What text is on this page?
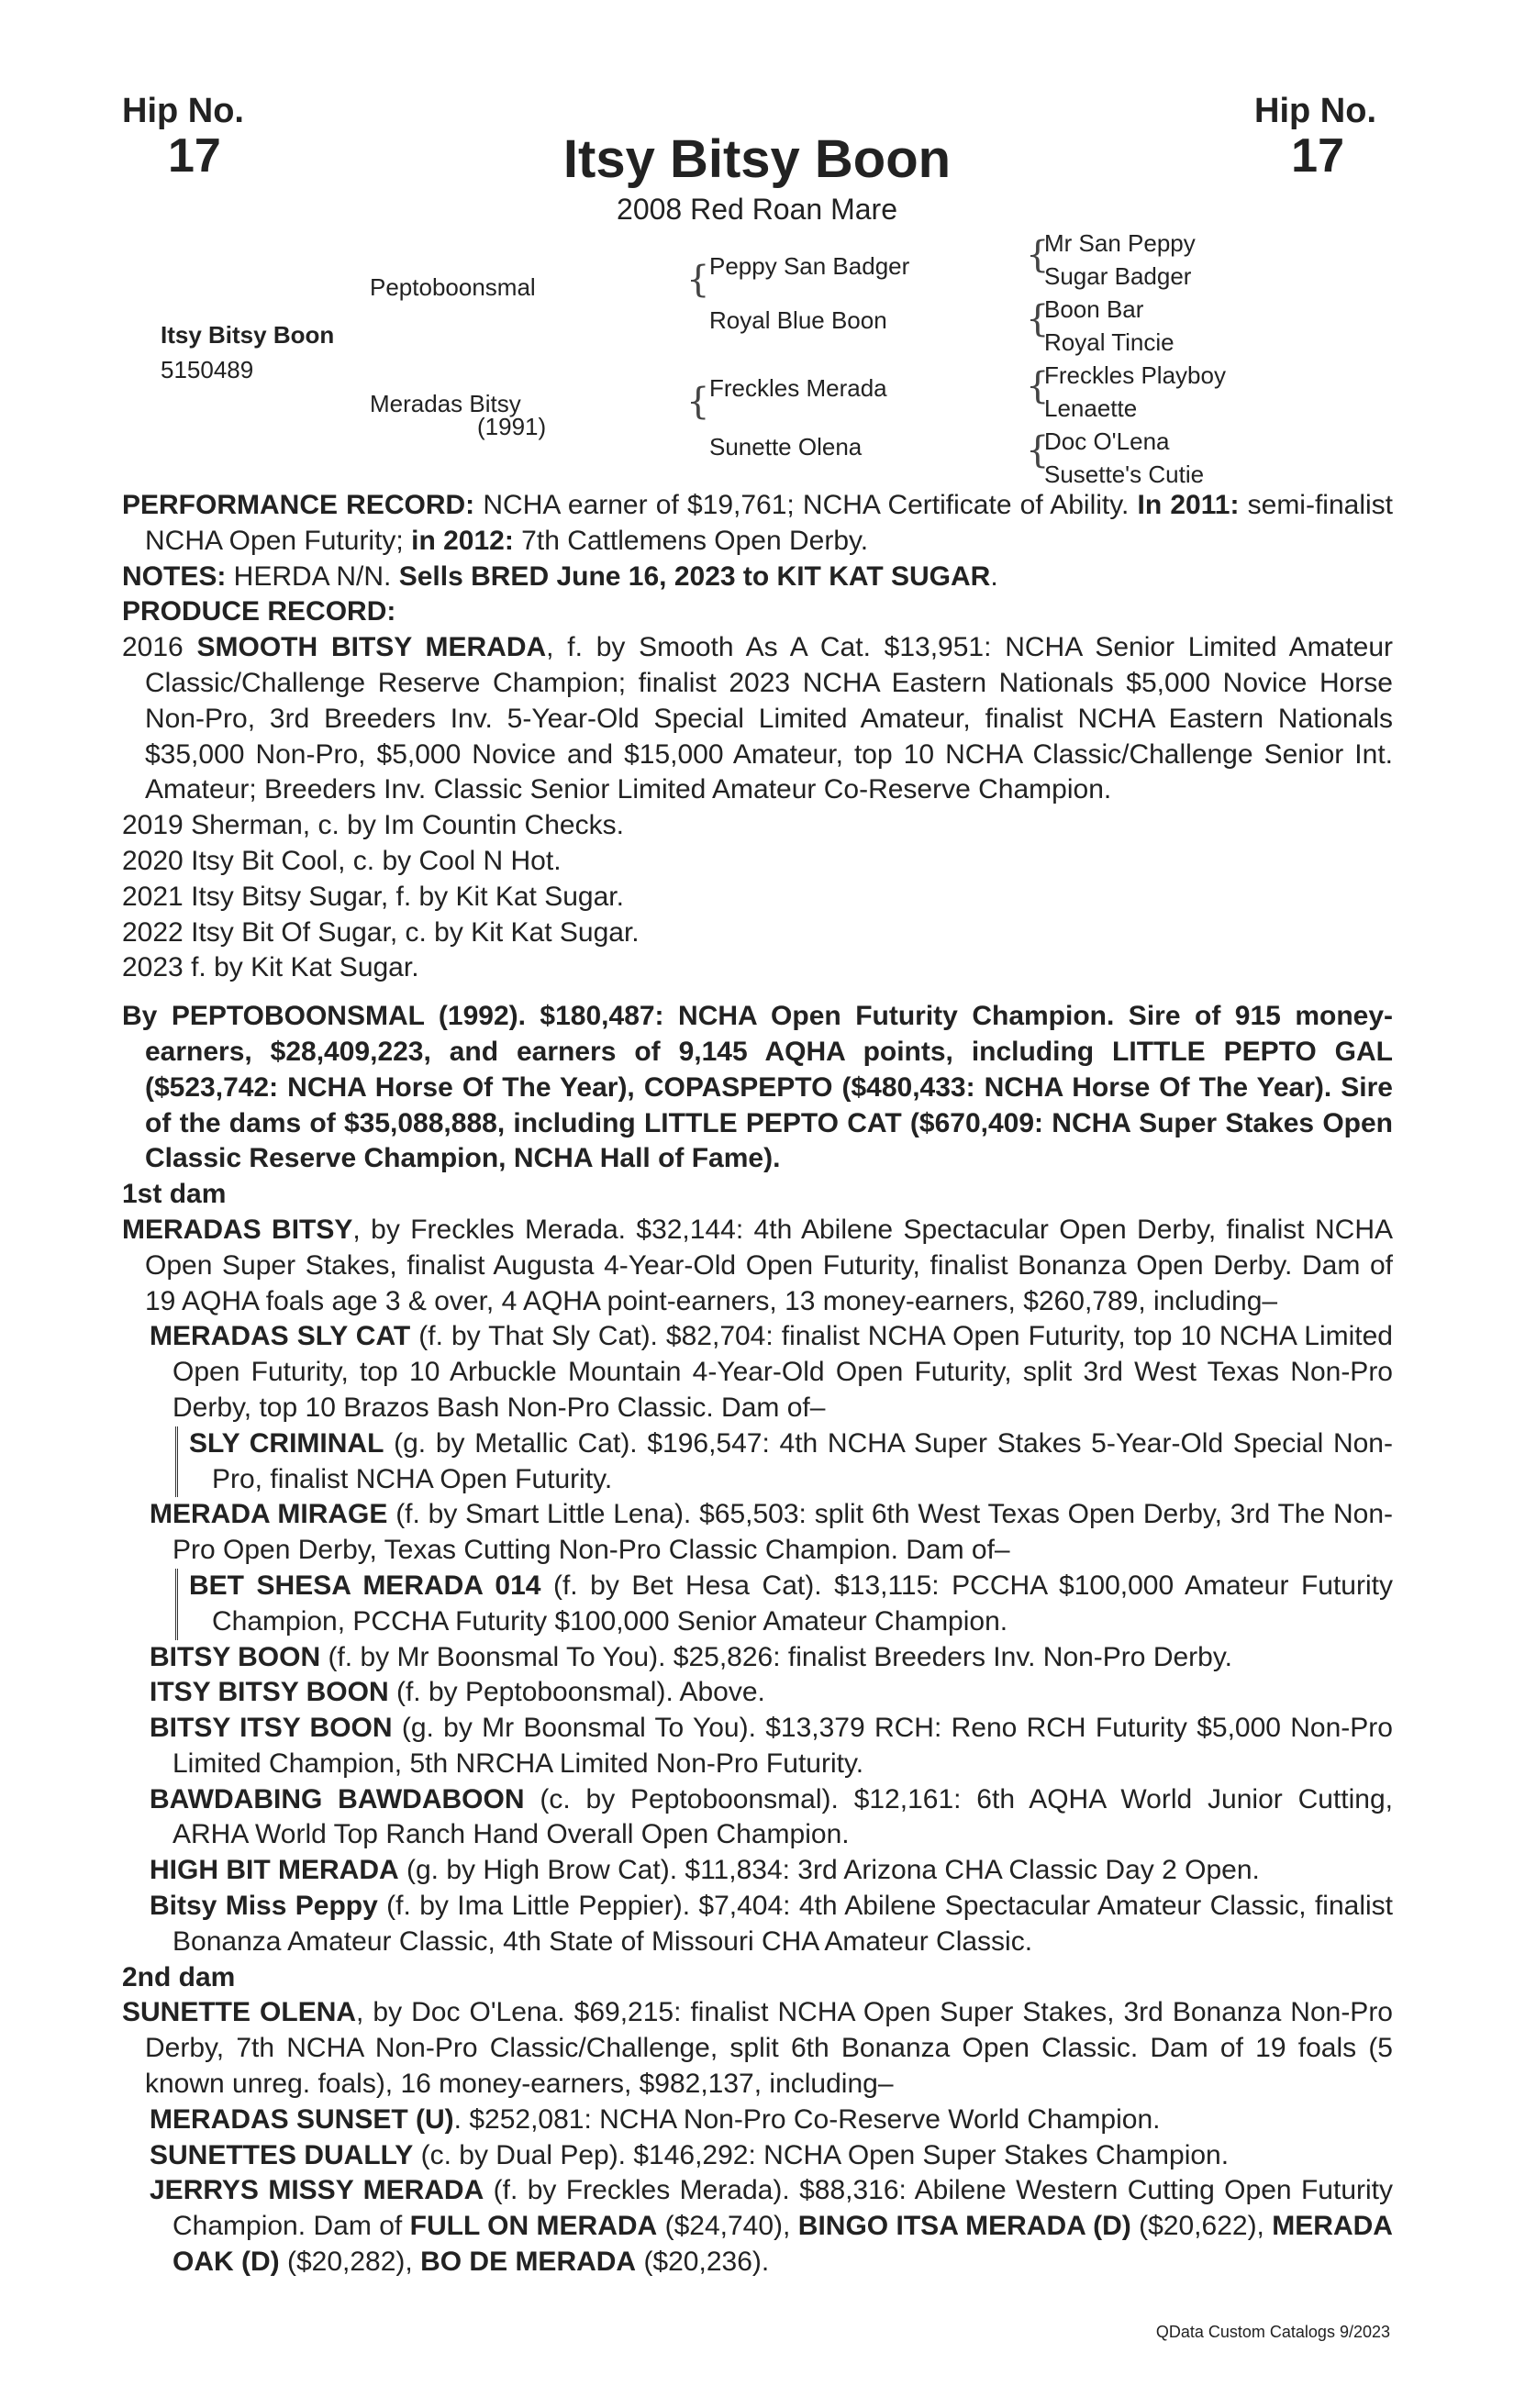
Hip No.
17
Hip No.
17
Itsy Bitsy Boon
2008 Red Roan Mare
Itsy Bitsy Boon
5150489
Peptoboonsmal
Meradas Bitsy
(1991)
{
{
Peppy San Badger
Royal Blue Boon
Freckles Merada
Sunette Olena
{
{
{
{
Mr San Peppy
Sugar Badger
Boon Bar
Royal Tincie
Freckles Playboy
Lenaette
Doc O'Lena
Susette's Cutie

PERFORMANCE RECORD: NCHA earner of $19,761; NCHA Certificate of Ability. In 2011: semi-finalist NCHA Open Futurity; in 2012: 7th Cattlemens Open Derby.

NOTES: HERDA N/N. Sells BRED June 16, 2023 to KIT KAT SUGAR.

PRODUCE RECORD:

2016 SMOOTH BITSY MERADA, f. by Smooth As A Cat. $13,951: NCHA Senior Limited Amateur Classic/Challenge Reserve Champion; finalist 2023 NCHA Eastern Nationals $5,000 Novice Horse Non-Pro, 3rd Breeders Inv. 5-Year-Old Special Limited Amateur, finalist NCHA Eastern Nationals $35,000 Non-Pro, $5,000 Novice and $15,000 Amateur, top 10 NCHA Classic/Challenge Senior Int. Amateur; Breeders Inv. Classic Senior Limited Amateur Co-Reserve Champion.

2019 Sherman, c. by Im Countin Checks.

2020 Itsy Bit Cool, c. by Cool N Hot.

2021 Itsy Bitsy Sugar, f. by Kit Kat Sugar.

2022 Itsy Bit Of Sugar, c. by Kit Kat Sugar.

2023 f. by Kit Kat Sugar.

By PEPTOBOONSMAL (1992). $180,487: NCHA Open Futurity Champion. Sire of 915 money-earners, $28,409,223, and earners of 9,145 AQHA points, including LITTLE PEPTO GAL ($523,742: NCHA Horse Of The Year), COPASPEPTO ($480,433: NCHA Horse Of The Year). Sire of the dams of $35,088,888, including LITTLE PEPTO CAT ($670,409: NCHA Super Stakes Open Classic Reserve Champion, NCHA Hall of Fame).

1st dam

MERADAS BITSY, by Freckles Merada. $32,144: 4th Abilene Spectacular Open Derby, finalist NCHA Open Super Stakes, finalist Augusta 4-Year-Old Open Futurity, finalist Bonanza Open Derby. Dam of 19 AQHA foals age 3 & over, 4 AQHA point-earners, 13 money-earners, $260,789, including–

MERADAS SLY CAT (f. by That Sly Cat). $82,704: finalist NCHA Open Futurity, top 10 NCHA Limited Open Futurity, top 10 Arbuckle Mountain 4-Year-Old Open Futurity, split 3rd West Texas Non-Pro Derby, top 10 Brazos Bash Non-Pro Classic. Dam of–

SLY CRIMINAL (g. by Metallic Cat). $196,547: 4th NCHA Super Stakes 5-Year-Old Special Non-Pro, finalist NCHA Open Futurity.

MERADA MIRAGE (f. by Smart Little Lena). $65,503: split 6th West Texas Open Derby, 3rd The Non-Pro Open Derby, Texas Cutting Non-Pro Classic Champion. Dam of–

BET SHESA MERADA 014 (f. by Bet Hesa Cat). $13,115: PCCHA $100,000 Amateur Futurity Champion, PCCHA Futurity $100,000 Senior Amateur Champion.

BITSY BOON (f. by Mr Boonsmal To You). $25,826: finalist Breeders Inv. Non-Pro Derby.

ITSY BITSY BOON (f. by Peptoboonsmal). Above.

BITSY ITSY BOON (g. by Mr Boonsmal To You). $13,379 RCH: Reno RCH Futurity $5,000 Non-Pro Limited Champion, 5th NRCHA Limited Non-Pro Futurity.

BAWDABING BAWDABOON (c. by Peptoboonsmal). $12,161: 6th AQHA World Junior Cutting, ARHA World Top Ranch Hand Overall Open Champion.

HIGH BIT MERADA (g. by High Brow Cat). $11,834: 3rd Arizona CHA Classic Day 2 Open.

Bitsy Miss Peppy (f. by Ima Little Peppier). $7,404: 4th Abilene Spectacular Amateur Classic, finalist Bonanza Amateur Classic, 4th State of Missouri CHA Amateur Classic.

2nd dam

SUNETTE OLENA, by Doc O'Lena. $69,215: finalist NCHA Open Super Stakes, 3rd Bonanza Non-Pro Derby, 7th NCHA Non-Pro Classic/Challenge, split 6th Bonanza Open Classic. Dam of 19 foals (5 known unreg. foals), 16 money-earners, $982,137, including–

MERADAS SUNSET (U). $252,081: NCHA Non-Pro Co-Reserve World Champion.

SUNETTES DUALLY (c. by Dual Pep). $146,292: NCHA Open Super Stakes Champion.

JERRYS MISSY MERADA (f. by Freckles Merada). $88,316: Abilene Western Cutting Open Futurity Champion. Dam of FULL ON MERADA ($24,740), BINGO ITSA MERADA (D) ($20,622), MERADA OAK (D) ($20,282), BO DE MERADA ($20,236).

QData Custom Catalogs 9/2023
